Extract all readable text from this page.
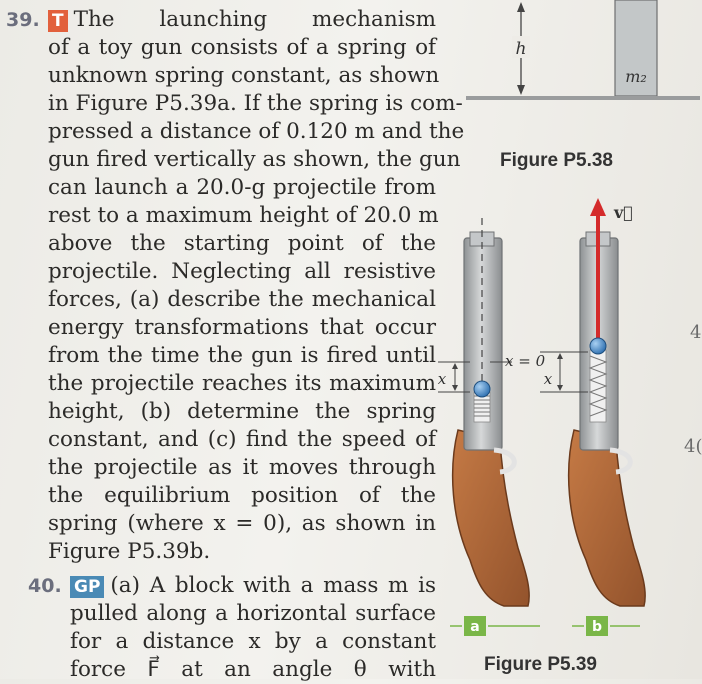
39. T The launching mechanism
of a toy gun consists of a spring of
unknown spring constant, as shown
in Figure P5.39a. If the spring is com-
pressed a distance of 0.120 m and the
gun fired vertically as shown, the gun
can launch a 20.0-g projectile from
rest to a maximum height of 20.0 m
above the starting point of the
projectile. Neglecting all resistive
forces, (a) describe the mechanical
energy transformations that occur
from the time the gun is fired until
the projectile reaches its maximum
height, (b) determine the spring
constant, and (c) find the speed of
the projectile as it moves through
the equilibrium position of the
spring (where x = 0), as shown in
Figure P5.39b.
40. GP (a) A block with a mass m is
pulled along a horizontal surface
for a distance x by a constant
force F⃗ at an angle θ with
h
m₂
x
x = 0
v⃗
x
a	b
Figure P5.38
Figure P5.39
4
4(
